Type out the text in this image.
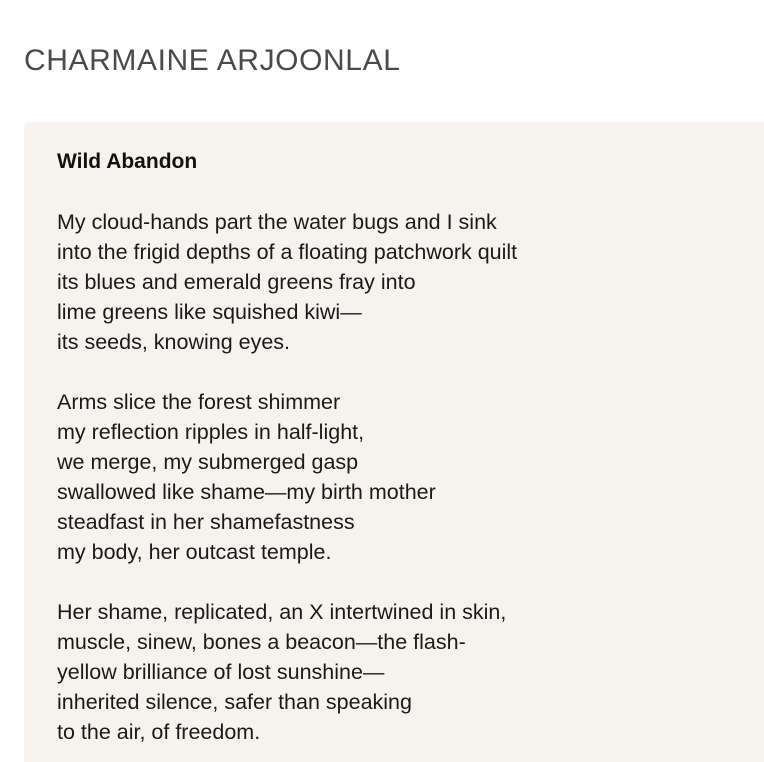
CHARMAINE ARJOONLAL
Wild Abandon
My cloud-hands part the water bugs and I sink
into the frigid depths of a floating patchwork quilt
its blues and emerald greens fray into
lime greens like squished kiwi—
its seeds, knowing eyes.
Arms slice the forest shimmer
my reflection ripples in half-light,
we merge, my submerged gasp
swallowed like shame—my birth mother
steadfast in her shamefastness
my body, her outcast temple.
Her shame, replicated, an X intertwined in skin,
muscle, sinew, bones a beacon—the flash-
yellow brilliance of lost sunshine—
inherited silence, safer than speaking
to the air, of freedom.
